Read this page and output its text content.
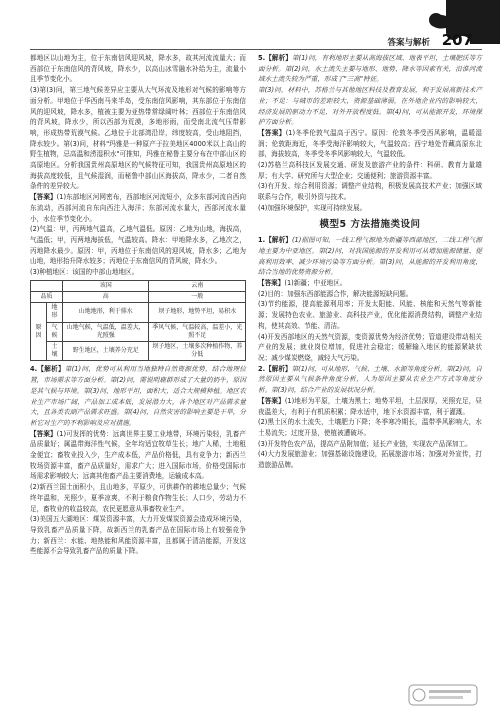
答案与解析 207

都地区以山地为主，位于东南信风迎风坡，降水多，故其河流流量大；而西部位于东南信风的背风坡，降水少，以高山冰雪融水补给为主，流量小且季节变化小。

(3)第(3)问，第三地气候差异应主要从大气环流及地形对气候的影响等方面分析。甲地位于华西南马来半岛，受东南信风影响，其东部位于东南信风的迎风坡，降水多，植被主要为亚热带常绿阔叶林；西部位于东南信风的背风坡，降水少，所以西部为荒漠，多地形雨，而受南北流气压带影响，形成热带荒漠气候。乙地位于北部湾沿岸，纬度较高，受山地阻挡，降水较少。第(3)问，材料"玛雅是一种原产于拉美地区4000米以上高山的野生植物，忌高温和涝湿积水"可推知，玛雅在秘鲁主要分布在中部山区的高原地区。分析我国贵州高原地区的气候特征可知，我国贵州高原地区的海拔高度较低，且气候湿润，而秘鲁中部山区海拔高，降水少，二者自然条件的差异较大。

【答案】(1)东部地区河网密布，西部地区河流短小，众多东部河流自西向东流动，西部河流自东向西注入海洋；东部河流水量大，西部河流水量小，水位季节变化小。

(2)气温：甲，丙两地气温高，乙地气温低。原因：乙地为山地，海拔高，气温低；甲，丙两地海拔低，气温较高。降水：甲地降水多，乙地次之，丙地降水最少。原因：甲，丙地位于东南信风的迎风坡，降水多；乙地为山地，地形抬升降水较多；丙地位于东南信风的背风坡，降水少。

(3)种植地区：该国的中部山地地区。

		该国	云南
品质		高	一般
原因	地形	山地地形，利于排水	坝子地形，地势平坦，易积水
	气候	山地气候，气温低，温差大，光照强	季风气候，气温较高，温差小，光照不足
	土壤	野生地区，土壤养分充足	坝子地区，土壤多次种植作物，养分低

4.【解析】第(1)问，优势可从利用当地独特自然资源优势，结合地理位置，市场需求等方面分析。第(2)问，需说明鹿群形成了大量的奶牛，原因是其气候与环境。第(3)问，地形平坦，面积大，适合大规模种植。地区农业生产市场广阔，产品加工成本低，发展潜力大，各个地区对产品需求量大，且各类农副产品需求旺盛。第(4)问，自然灾害的影响主要是干旱，分析它对生产的不利影响及应对措施。

【答案】(1)可发挥的优势：远离世界主要工业地带，环境污染轻，乳畜产品质量好；属温带海洋性气候，全年均适宜牧草生长；地广人稀，土地租金便宜；畜牧业投入少，生产成本低，产品价格低，具有竞争力；新西兰牧场资源丰富，畜产品质量好，需求广大；进入国际市场，价格受国际市场需求影响较大；远离其他畜产品主要消费地，运输成本高。

(2)新西兰国土面积小，且山地多，平原少，可供耕作的耕地总量少；气候终年温和，光照少，夏季凉爽，不利于粮食作物生长；人口少，劳动力不足，畜牧业的收益较高，农民更愿意从事畜牧业生产。

(3)美国五大湖地区：煤炭资源丰富，大力开发煤炭资源会造成环境污染，导致乳畜产品质量下降，故新西兰的乳畜产品在国际市场上有较强竞争力；新西兰：水能、地热能和风能资源丰富，且都属于清洁能源，开发这些能源不会导致乳畜产品的质量下降。

5.【解析】第(1)问，有利地形主要从高海拔区域、地表平坦，土壤肥沃等方面分析。第(2)问，水土流失主要与地形、地势、降水等因素有关，沿淮河流域水土流失较为严重，形成了"三高"特征。

第(3)问，材料中，苏格兰与其他地区科技及教育发展，利于发展高新技术产业；不足：与城市的差距较大，资源基础薄弱，在外地企业内的影响较大，经济发展的驱动力不足，对外开放程度低。第(4)问，可从能源开发，环境保护方面分析。

【答案】(1)冬季伦敦气温高于西宁。原因：伦敦冬季受西风影响，温暖湿润；伦敦距海近，冬季受海洋影响较大，气温较高；西宁地处青藏高原东北部，海拔较高，冬季受冬季风影响较大，气温较低。

(2)苏格兰高科技区发展交通、研发及旅游产业的条件：科研、教育力量雄厚；有大学、研究所与大型企业；交通便利；旅游资源丰富。

(3)有开发、综合利用资源；调整产业结构，积极发展高技术产业；加强区域联系与合作，吸引外资与技术。

(4)加强环境保护，实现可持续发展。

模型5 方法措施类设问

1.【解析】(1)据图可知，一线工程气源地为新疆等西部地区，二线工程气源地主要为中亚地区。第(2)问，对我国能源的开发利用可从增加能源储量、提高利用效率、减少环境污染等方面分析。第(3)问，从能源的开发利用角度，结合当地的优势资源分析。

【答案】(1)新疆；中亚地区。

(2)目的：加强东西部能源合作，解决能源短缺问题。

(3)节约能源，提高能源利用率；开发太阳能、风能、核能和天然气等新能源；发展特色农业、旅游业、高科技产业，优化能源消费结构，调整产业结构，使其高效、节能、清洁。

(4)开发西部地区的天然气资源，变资源优势为经济优势；管道建设带动相关产业的发展；就业岗位增加，促进社会稳定；缓解输入地区的能源紧缺状况；减少煤炭燃烧，减轻大气污染。

2.【解析】第(1)问，可从地形、气候、土壤、水源等角度分析。第(2)问，自然原因主要从气候条件角度分析，人为原因主要从农业生产方式等角度分析。第(3)问，结合产业的发展状况分析。

【答案】(1)地形为平原，土壤为黑土；地势平坦，土层深厚，光照充足，昼夜温差大，有利于有机质积累；降水适中，地下水资源丰富，利于灌溉。

(2)黑土区的水土流失，土壤肥力下降；冬季寒冷期长，温带季风影响大，水土易流失；过度开垦，使植被遭破坏。

(3)开发特色农产品，提高产品附加值；延长产业链，实现农产品深加工。

(4)大力发展旅游业；加强基础设施建设，拓展旅游市场；加强对外宣传，打造旅游品牌。
